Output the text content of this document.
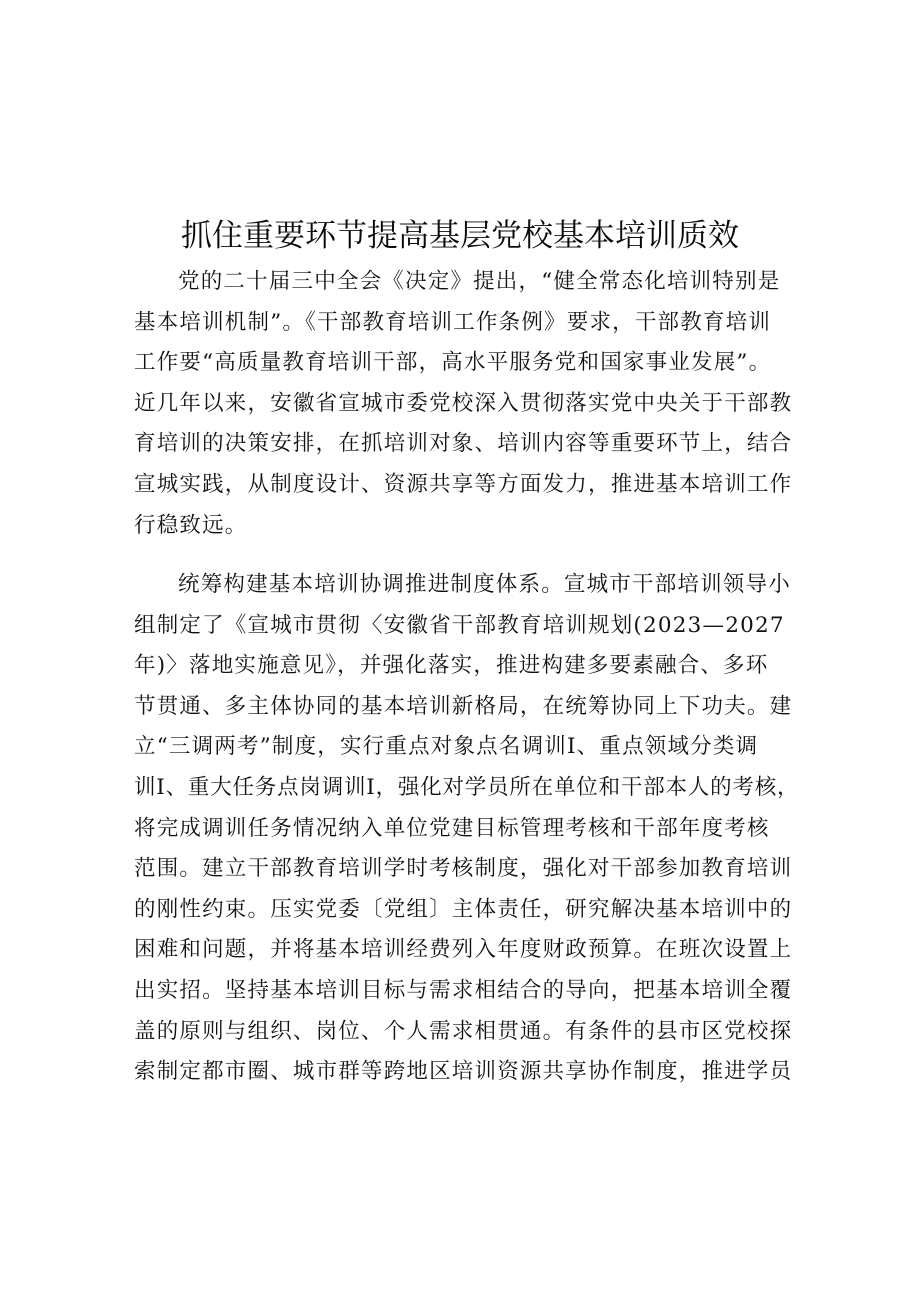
抓住重要环节提高基层党校基本培训质效
党的二十届三中全会《决定》提出，“健全常态化培训特别是
基本培训机制”。《干部教育培训工作条例》要求，干部教育培训
工作要“高质量教育培训干部，高水平服务党和国家事业发展”。
近几年以来，安徽省宣城市委党校深入贯彻落实党中央关于干部教
育培训的决策安排，在抓培训对象、培训内容等重要环节上，结合
宣城实践，从制度设计、资源共享等方面发力，推进基本培训工作
行稳致远。
统筹构建基本培训协调推进制度体系。宣城市干部培训领导小
组制定了《宣城市贯彻〈安徽省干部教育培训规划(2023—2027
年)〉落地实施意见》，并强化落实，推进构建多要素融合、多环
节贯通、多主体协同的基本培训新格局，在统筹协同上下功夫。建
立“三调两考”制度，实行重点对象点名调训I、重点领域分类调
训I、重大任务点岗调训I，强化对学员所在单位和干部本人的考核，
将完成调训任务情况纳入单位党建目标管理考核和干部年度考核
范围。建立干部教育培训学时考核制度，强化对干部参加教育培训
的刚性约束。压实党委〔党组〕主体责任，研究解决基本培训中的
困难和问题，并将基本培训经费列入年度财政预算。在班次设置上
出实招。坚持基本培训目标与需求相结合的导向，把基本培训全覆
盖的原则与组织、岗位、个人需求相贯通。有条件的县市区党校探
索制定都市圈、城市群等跨地区培训资源共享协作制度，推进学员
